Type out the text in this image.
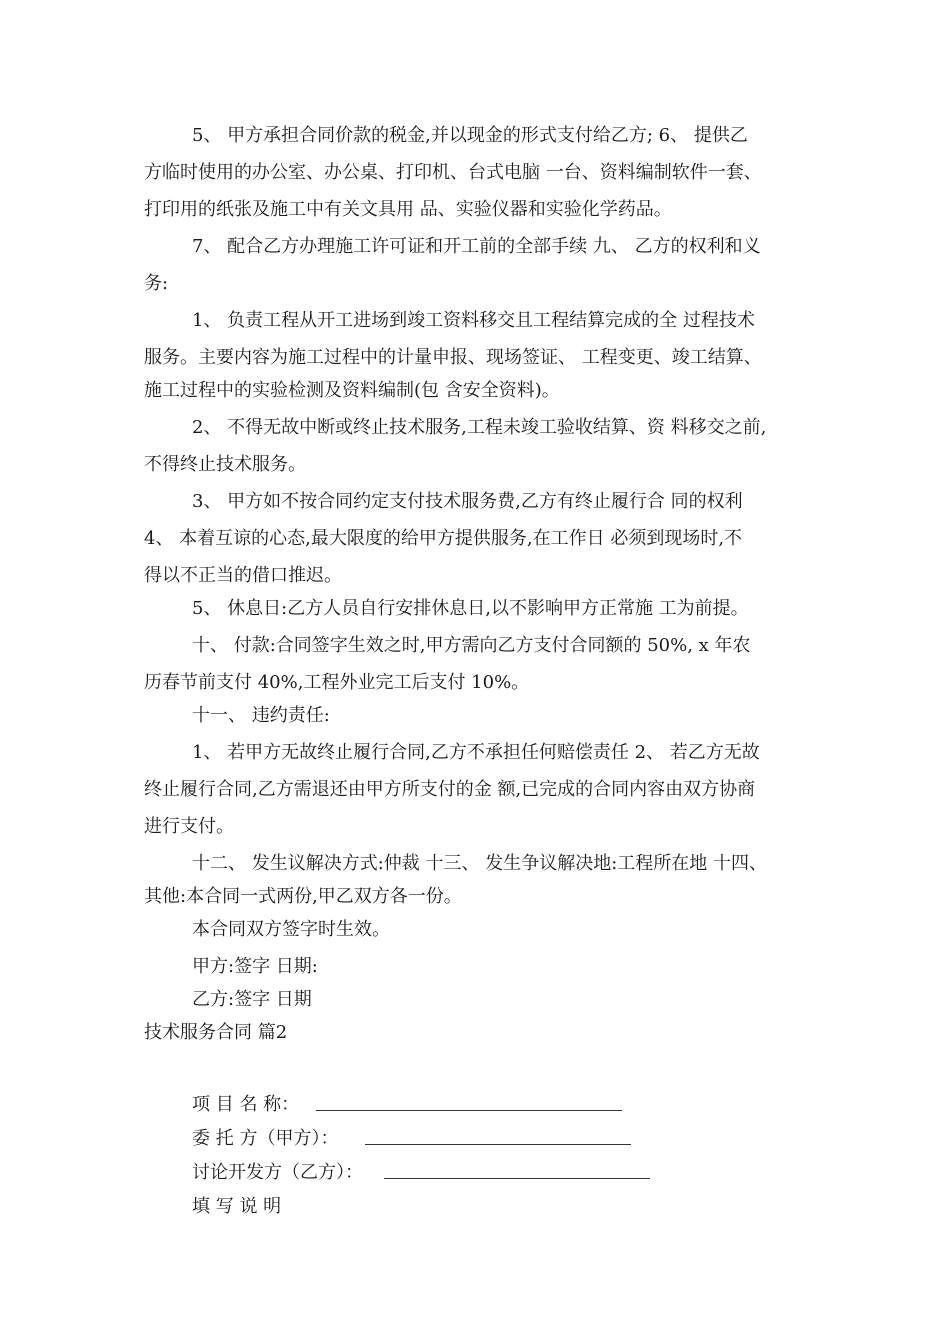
5、 甲方承担合同价款的税金,并以现金的形式支付给乙方; 6、 提供乙
方临时使用的办公室、办公桌、打印机、台式电脑 一台、资料编制软件一套、
打印用的纸张及施工中有关文具用 品、实验仪器和实验化学药品。
7、 配合乙方办理施工许可证和开工前的全部手续 九、 乙方的权利和义
务:
1、 负责工程从开工进场到竣工资料移交且工程结算完成的全 过程技术
服务。主要内容为施工过程中的计量申报、现场签证、 工程变更、竣工结算、
施工过程中的实验检测及资料编制(包 含安全资料)。
2、 不得无故中断或终止技术服务,工程未竣工验收结算、资 料移交之前,
不得终止技术服务。
3、 甲方如不按合同约定支付技术服务费,乙方有终止履行合 同的权利
4、 本着互谅的心态,最大限度的给甲方提供服务,在工作日 必须到现场时,不
得以不正当的借口推迟。
5、 休息日:乙方人员自行安排休息日,以不影响甲方正常施 工为前提。
十、 付款:合同签字生效之时,甲方需向乙方支付合同额的 50%, x 年农
历春节前支付 40%,工程外业完工后支付 10%。
十一、 违约责任:
1、 若甲方无故终止履行合同,乙方不承担任何赔偿责任 2、 若乙方无故
终止履行合同,乙方需退还由甲方所支付的金 额,已完成的合同内容由双方协商
进行支付。
十二、 发生议解决方式:仲裁 十三、 发生争议解决地:工程所在地 十四、
其他:本合同一式两份,甲乙双方各一份。
本合同双方签字时生效。
甲方:签字 日期:
乙方:签字 日期
技术服务合同 篇2
项 目 名 称：
委 托 方（甲方）：
讨论开发方（乙方）：
填 写 说 明
